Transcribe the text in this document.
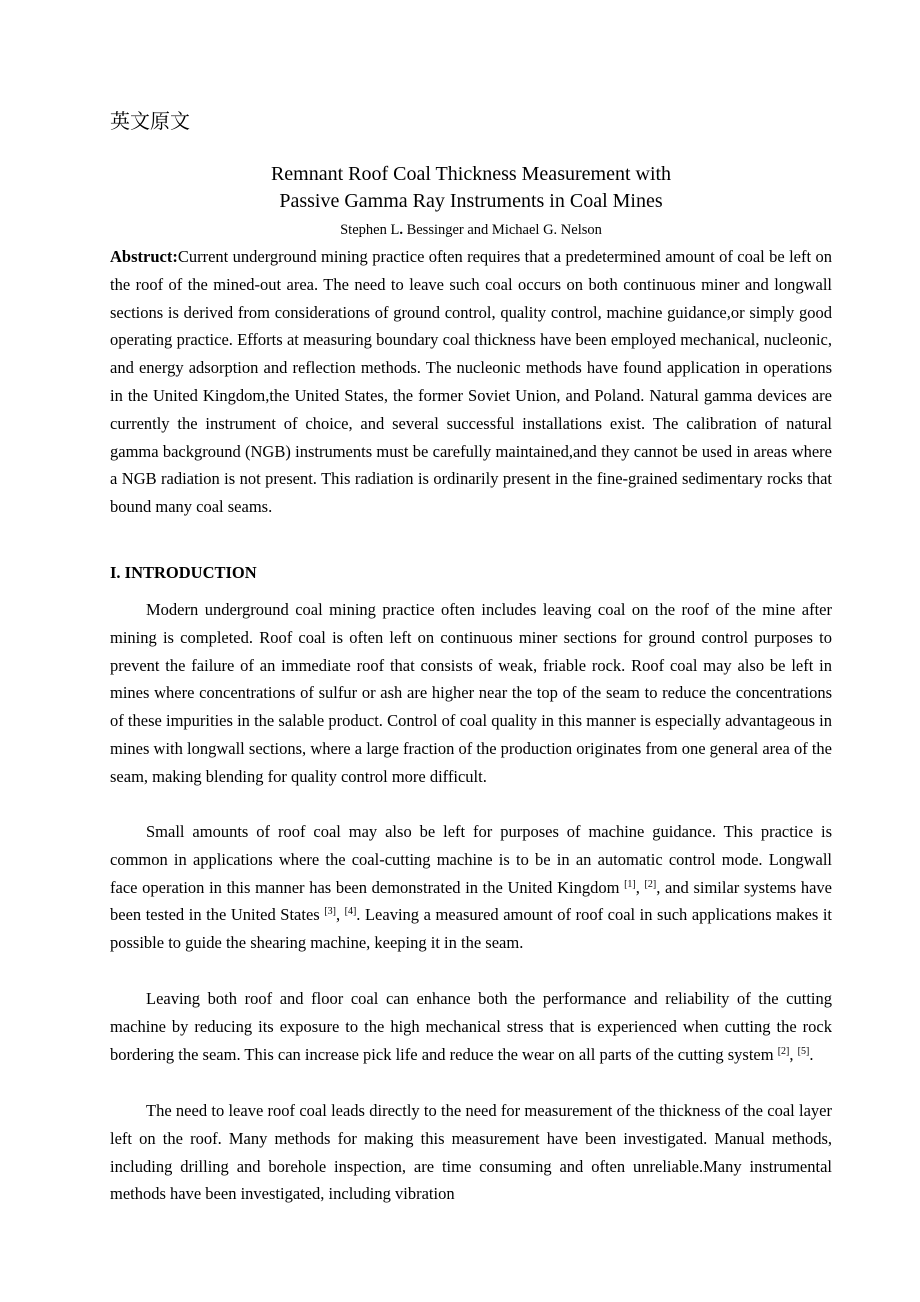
英文原文
Remnant Roof Coal Thickness Measurement with
Passive Gamma Ray Instruments in Coal Mines
Stephen L. Bessinger and Michael G. Nelson
Abstruct:Current underground mining practice often requires that a predetermined amount of coal be left on the roof of the mined-out area. The need to leave such coal occurs on both continuous miner and longwall sections is derived from considerations of ground control, quality control, machine guidance,or simply good operating practice. Efforts at measuring boundary coal thickness have been employed mechanical, nucleonic, and energy adsorption and reflection methods. The nucleonic methods have found application in operations in the United Kingdom,the United States, the former Soviet Union, and Poland. Natural gamma devices are currently the instrument of choice, and several successful installations exist. The calibration of natural gamma background (NGB) instruments must be carefully maintained,and they cannot be used in areas where a NGB radiation is not present. This radiation is ordinarily present in the fine-grained sedimentary rocks that bound many coal seams.
I. INTRODUCTION
Modern underground coal mining practice often includes leaving coal on the roof of the mine after mining is completed. Roof coal is often left on continuous miner sections for ground control purposes to prevent the failure of an immediate roof that consists of weak, friable rock. Roof coal may also be left in mines where concentrations of sulfur or ash are higher near the top of the seam to reduce the concentrations of these impurities in the salable product. Control of coal quality in this manner is especially advantageous in mines with longwall sections, where a large fraction of the production originates from one general area of the seam, making blending for quality control more difficult.
Small amounts of roof coal may also be left for purposes of machine guidance. This practice is common in applications where the coal-cutting machine is to be in an automatic control mode. Longwall face operation in this manner has been demonstrated in the United Kingdom [1], [2], and similar systems have been tested in the United States [3], [4]. Leaving a measured amount of roof coal in such applications makes it possible to guide the shearing machine, keeping it in the seam.
Leaving both roof and floor coal can enhance both the performance and reliability of the cutting machine by reducing its exposure to the high mechanical stress that is experienced when cutting the rock bordering the seam. This can increase pick life and reduce the wear on all parts of the cutting system [2], [5].
The need to leave roof coal leads directly to the need for measurement of the thickness of the coal layer left on the roof. Many methods for making this measurement have been investigated. Manual methods, including drilling and borehole inspection, are time consuming and often unreliable.Many instrumental methods have been investigated, including vibration
